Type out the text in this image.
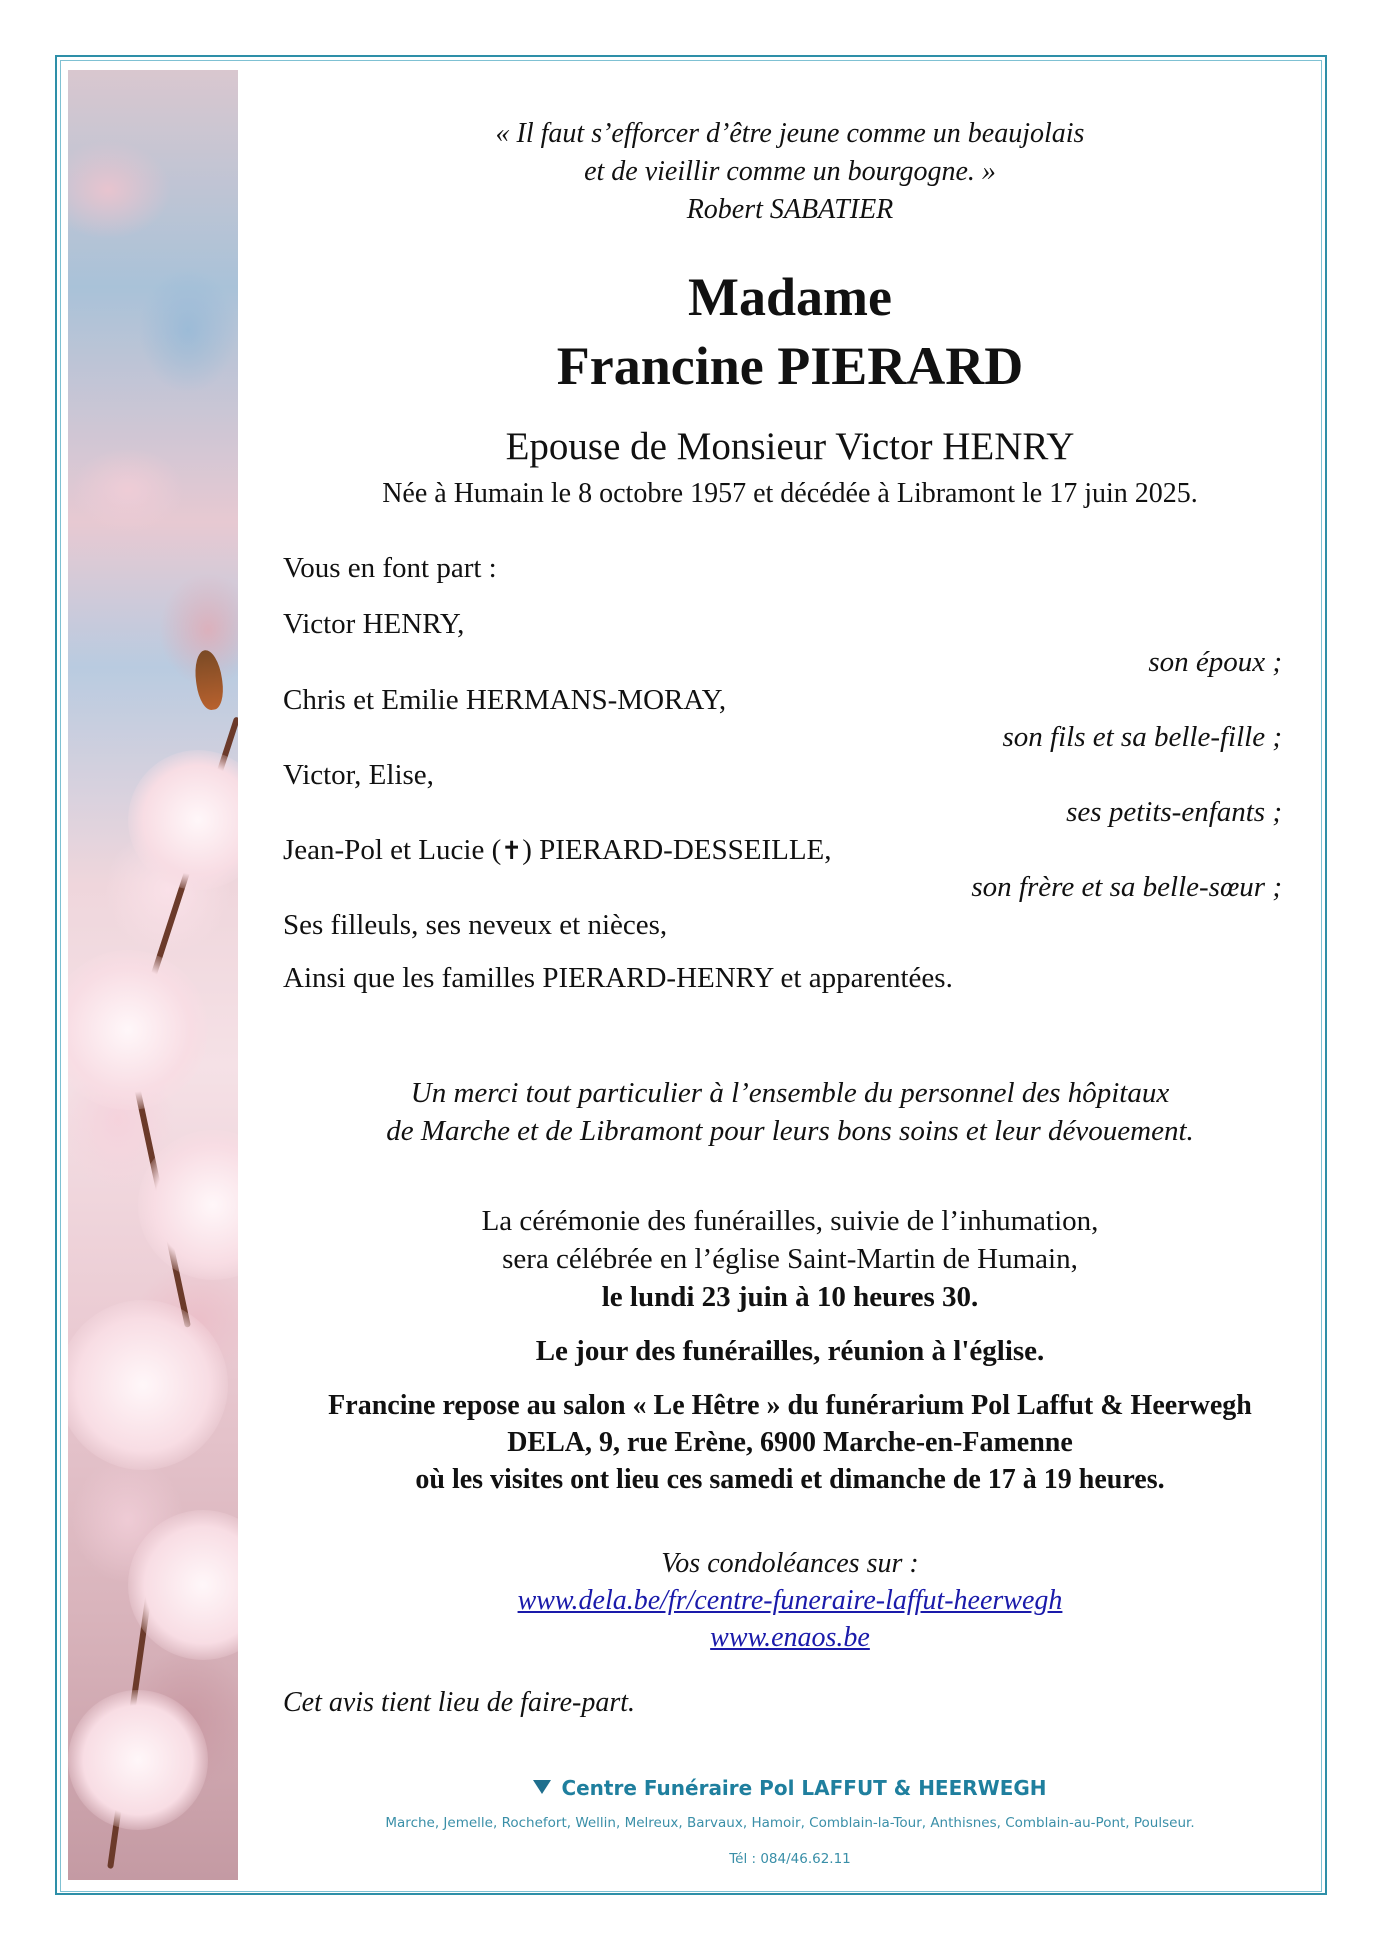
« Il faut s’efforcer d’être jeune comme un beaujolais
et de vieillir comme un bourgogne. »
Robert SABATIER
Madame
Francine PIERARD
Epouse de Monsieur Victor HENRY
Née à Humain le 8 octobre 1957 et décédée à Libramont le 17 juin 2025.
Vous en font part :
Victor HENRY,
son époux ;
Chris et Emilie HERMANS-MORAY,
son fils et sa belle-fille ;
Victor, Elise,
ses petits-enfants ;
Jean-Pol et Lucie (✝) PIERARD-DESSEILLE,
son frère et sa belle-sœur ;
Ses filleuls, ses neveux et nièces,
Ainsi que les familles PIERARD-HENRY et apparentées.
Un merci tout particulier à l’ensemble du personnel des hôpitaux
de Marche et de Libramont pour leurs bons soins et leur dévouement.
La cérémonie des funérailles, suivie de l’inhumation,
sera célébrée en l’église Saint-Martin de Humain,
le lundi 23 juin à 10 heures 30.
Le jour des funérailles, réunion à l'église.
Francine repose au salon « Le Hêtre » du funérarium Pol Laffut & Heerwegh
DELA, 9, rue Erène, 6900 Marche-en-Famenne
où les visites ont lieu ces samedi et dimanche de 17 à 19 heures.
Vos condoléances sur :
www.dela.be/fr/centre-funeraire-laffut-heerwegh
www.enaos.be
Cet avis tient lieu de faire-part.
Centre Funéraire Pol LAFFUT & HEERWEGH
Marche, Jemelle, Rochefort, Wellin, Melreux, Barvaux, Hamoir, Comblain-la-Tour, Anthisnes, Comblain-au-Pont, Poulseur.
Tél : 084/46.62.11
